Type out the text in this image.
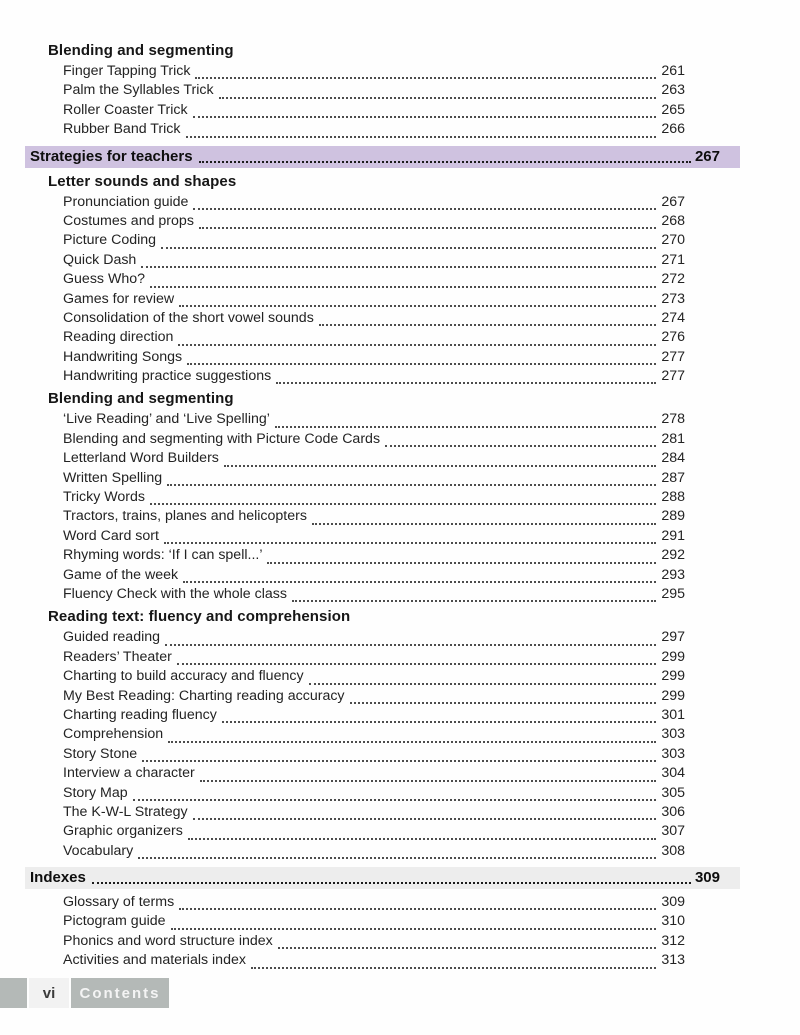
Blending and segmenting
Finger Tapping Trick	261
Palm the Syllables Trick	263
Roller Coaster Trick	265
Rubber Band Trick	266
Strategies for teachers	267
Letter sounds and shapes
Pronunciation guide	267
Costumes and props	268
Picture Coding	270
Quick Dash	271
Guess Who?	272
Games for review	273
Consolidation of the short vowel sounds	274
Reading direction	276
Handwriting Songs	277
Handwriting practice suggestions	277
Blending and segmenting
‘Live Reading’ and ‘Live Spelling’	278
Blending and segmenting with Picture Code Cards	281
Letterland Word Builders	284
Written Spelling	287
Tricky Words	288
Tractors, trains, planes and helicopters	289
Word Card sort	291
Rhyming words: ‘If I can spell...’	292
Game of the week	293
Fluency Check with the whole class	295
Reading text: fluency and comprehension
Guided reading	297
Readers’ Theater	299
Charting to build accuracy and fluency	299
My Best Reading: Charting reading accuracy	299
Charting reading fluency	301
Comprehension	303
Story Stone	303
Interview a character	304
Story Map	305
The K-W-L Strategy	306
Graphic organizers	307
Vocabulary	308
Indexes	309
Glossary of terms	309
Pictogram guide	310
Phonics and word structure index	312
Activities and materials index	313
vi	Contents
